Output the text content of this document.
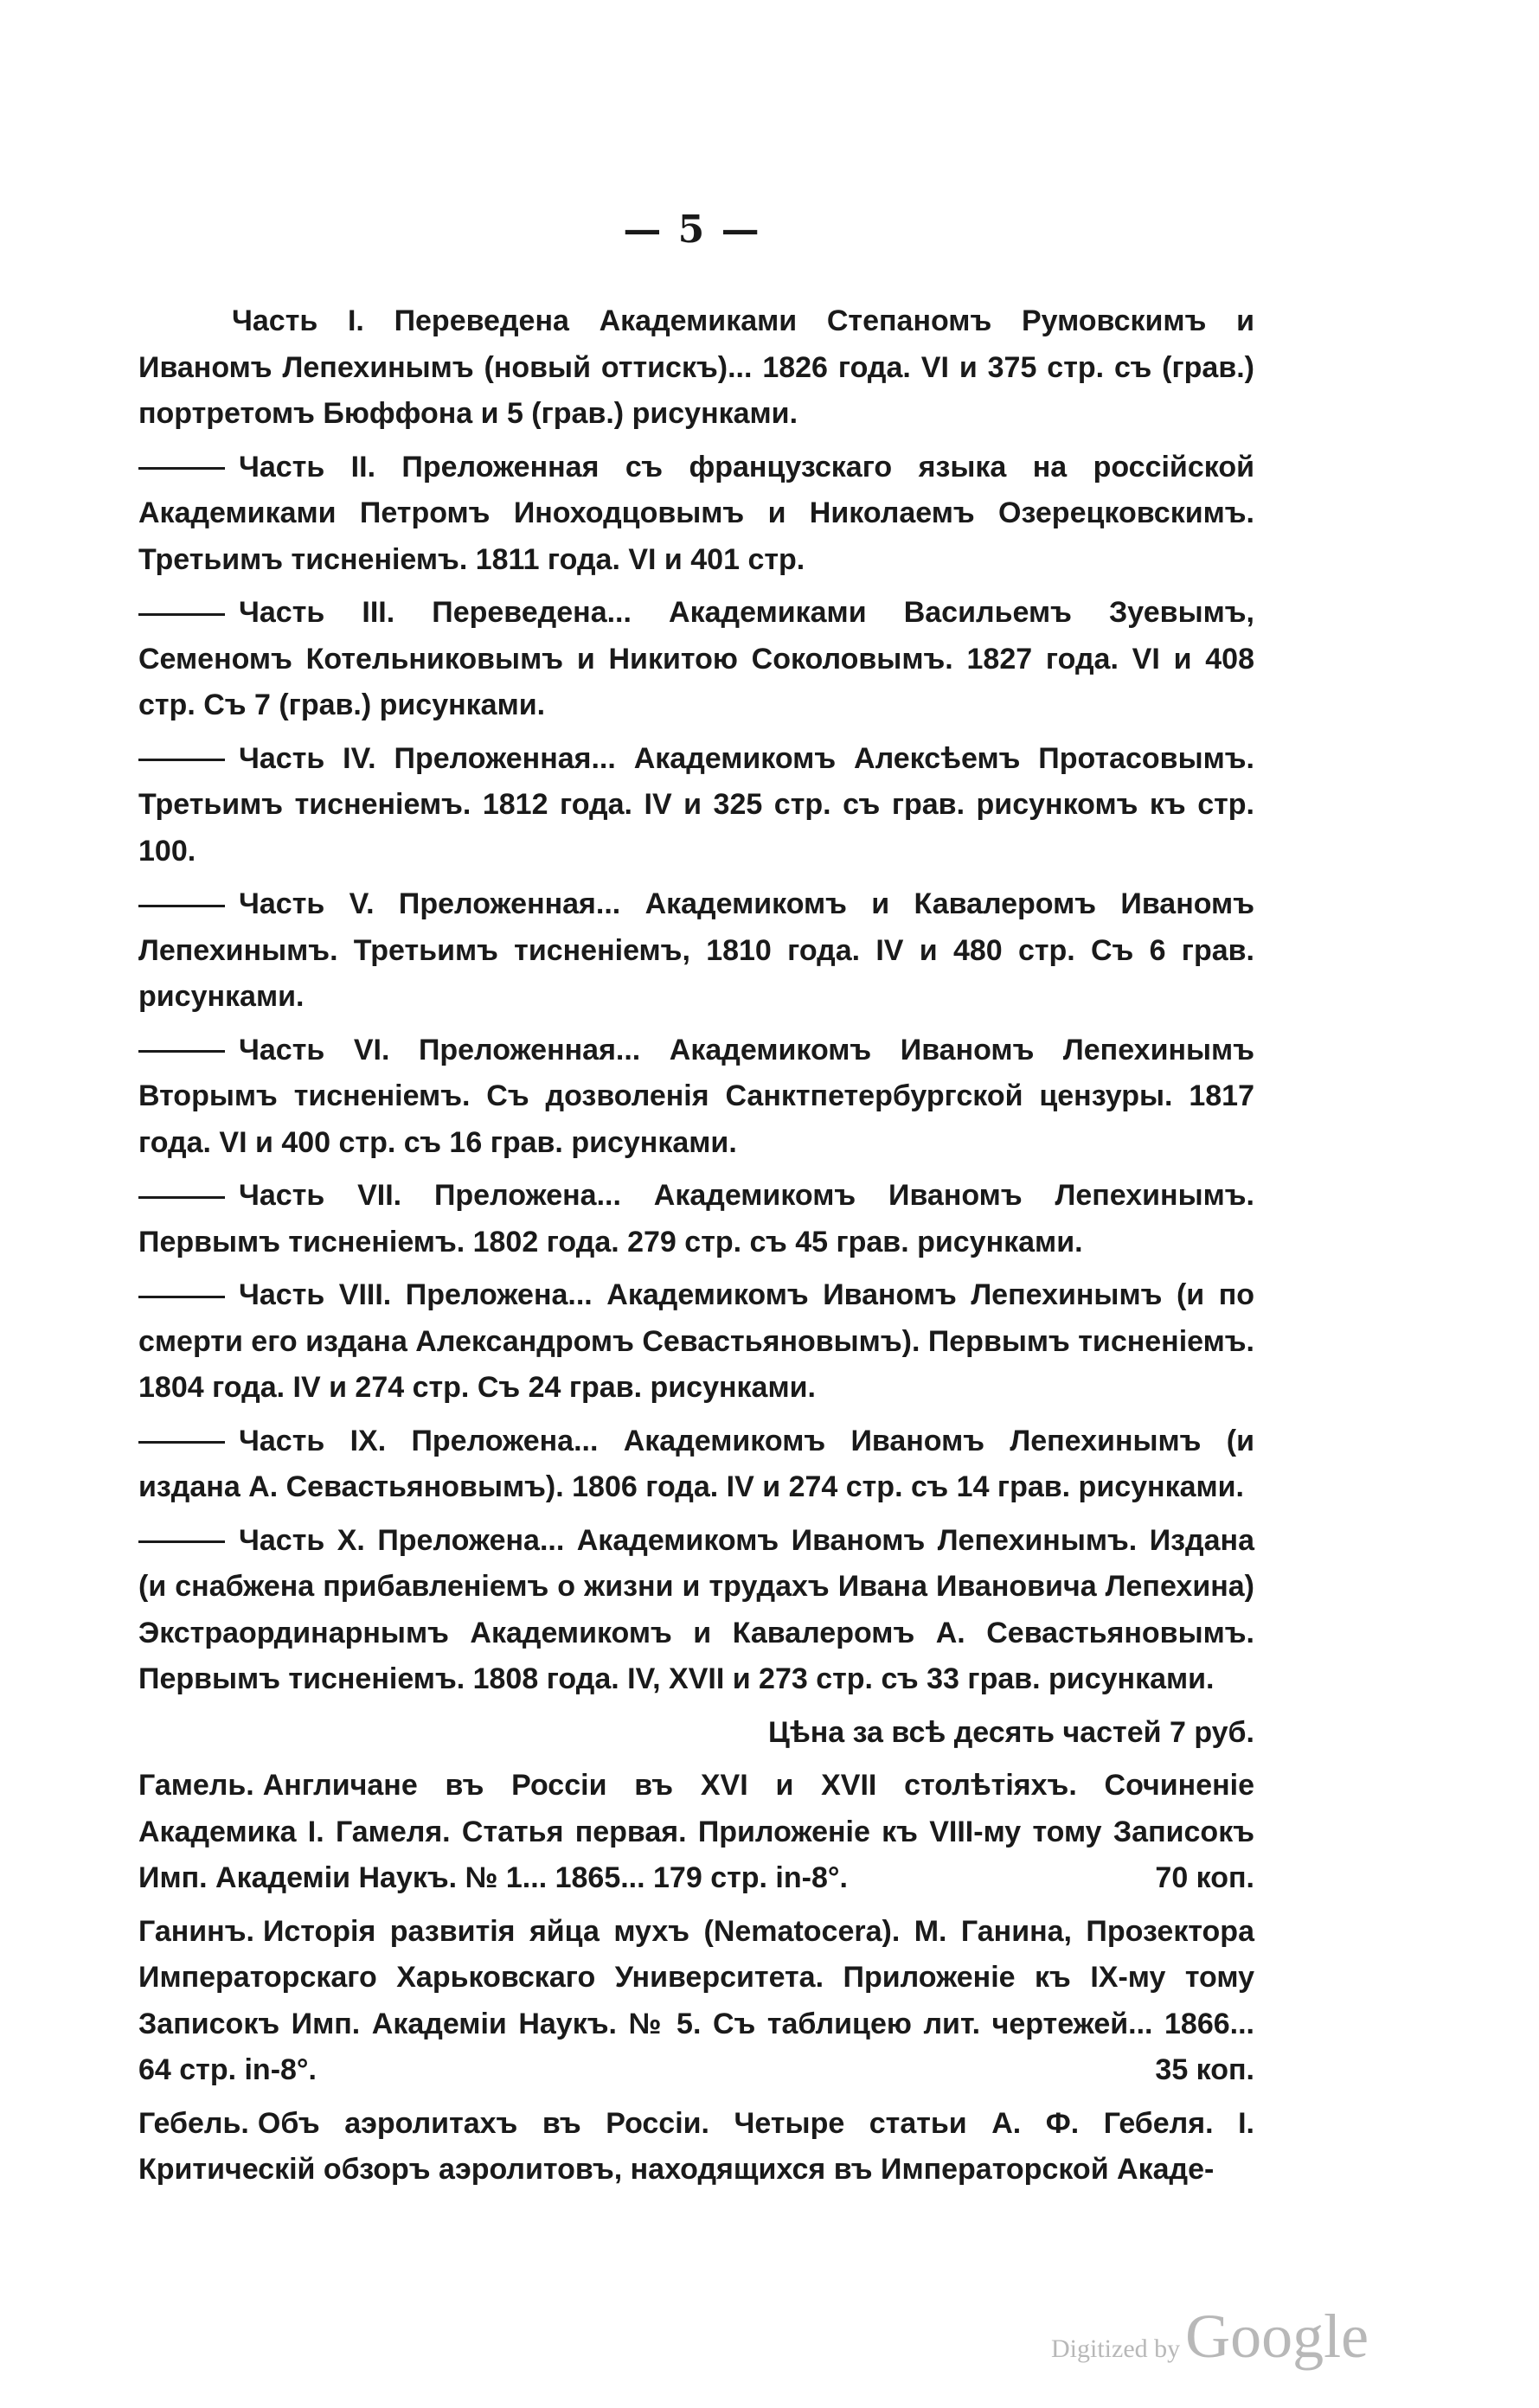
— 5 —

Часть I. Переведена Академиками Степаномъ Румовскимъ и Иваномъ Лепехинымъ (новый оттискъ)... 1826 года. VI и 375 стр. съ (грав.) портретомъ Бюффона и 5 (грав.) рисунками.

Часть II. Преложенная съ французскаго языка на россійской Академиками Петромъ Иноходцовымъ и Николаемъ Озерецковскимъ. Третьимъ тисненіемъ. 1811 года. VI и 401 стр.

Часть III. Переведена... Академиками Васильемъ Зуевымъ, Семеномъ Котельниковымъ и Никитою Соколовымъ. 1827 года. VI и 408 стр. Съ 7 (грав.) рисунками.

Часть IV. Преложенная... Академикомъ Алексѣемъ Протасовымъ. Третьимъ тисненіемъ. 1812 года. IV и 325 стр. съ грав. рисункомъ къ стр. 100.

Часть V. Преложенная... Академикомъ и Кавалеромъ Иваномъ Лепехинымъ. Третьимъ тисненіемъ, 1810 года. IV и 480 стр. Съ 6 грав. рисунками.

Часть VI. Преложенная... Академикомъ Иваномъ Лепехинымъ Вторымъ тисненіемъ. Съ дозволенія Санктпетербургской цензуры. 1817 года. VI и 400 стр. съ 16 грав. рисунками.

Часть VII. Преложена... Академикомъ Иваномъ Лепехинымъ. Первымъ тисненіемъ. 1802 года. 279 стр. съ 45 грав. рисунками.

Часть VIII. Преложена... Академикомъ Иваномъ Лепехинымъ (и по смерти его издана Александромъ Севастьяновымъ). Первымъ тисненіемъ. 1804 года. IV и 274 стр. Съ 24 грав. рисунками.

Часть IX. Преложена... Академикомъ Иваномъ Лепехинымъ (и издана А. Севастьяновымъ). 1806 года. IV и 274 стр. съ 14 грав. рисунками.

Часть X. Преложена... Академикомъ Иваномъ Лепехинымъ. Издана (и снабжена прибавленіемъ о жизни и трудахъ Ивана Ивановича Лепехина) Экстраординарнымъ Академикомъ и Кавалеромъ А. Севастьяновымъ. Первымъ тисненіемъ. 1808 года. IV, XVII и 273 стр. съ 33 грав. рисунками.

Цѣна за всѣ десять частей 7 руб.

Гамель. Англичане въ Россіи въ XVI и XVII столѣтіяхъ. Сочиненіе Академика I. Гамеля. Статья первая. Приложеніе къ VIII-му тому Записокъ Имп. Академіи Наукъ. № 1... 1865... 179 стр. in-8°.	70 коп.

Ганинъ. Исторія развитія яйца мухъ (Nematocera). М. Ганина, Прозектора Императорскаго Харьковскаго Университета. Приложеніе къ IX-му тому Записокъ Имп. Академіи Наукъ. № 5. Съ таблицею лит. чертежей... 1866... 64 стр. in-8°.	35 коп.

Гебель. Объ аэролитахъ въ Россіи. Четыре статьи А. Ф. Гебеля. I. Критическій обзоръ аэролитовъ, находящихся въ Императорской Акаде-

Digitized byGoogle
